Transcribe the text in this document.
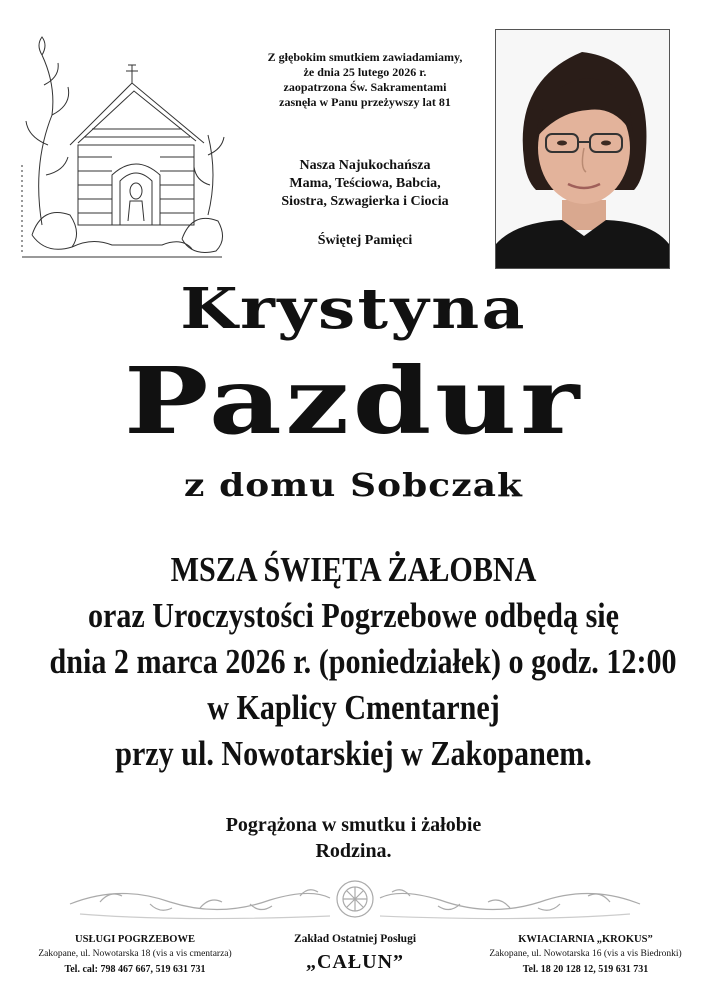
Z głębokim smutkiem zawiadamiamy,
że dnia 25 lutego 2026 r.
zaopatrzona Św. Sakramentami
zasnęła w Panu przeżywszy lat 81
Nasza Najukochańsza
Mama, Teściowa, Babcia,
Siostra, Szwagierka i Ciocia
Świętej Pamięci
Krystyna
Pazdur
z domu Sobczak
MSZA ŚWIĘTA ŻAŁOBNA
oraz Uroczystości Pogrzebowe odbędą się
dnia 2 marca 2026 r. (poniedziałek) o godz. 12:00
w Kaplicy Cmentarnej
przy ul. Nowotarskiej w Zakopanem.
Pogrążona w smutku i żałobie
Rodzina.
USŁUGI POGRZEBOWE
Zakopane, ul. Nowotarska 18 (vis a vis cmentarza)
Tel. cal: 798 467 667, 519 631 731
Zakład Ostatniej Posługi
„CAŁUN”
KWIACIARNIA „KROKUS”
Zakopane, ul. Nowotarska 16 (vis a vis Biedronki)
Tel. 18 20 128 12, 519 631 731
